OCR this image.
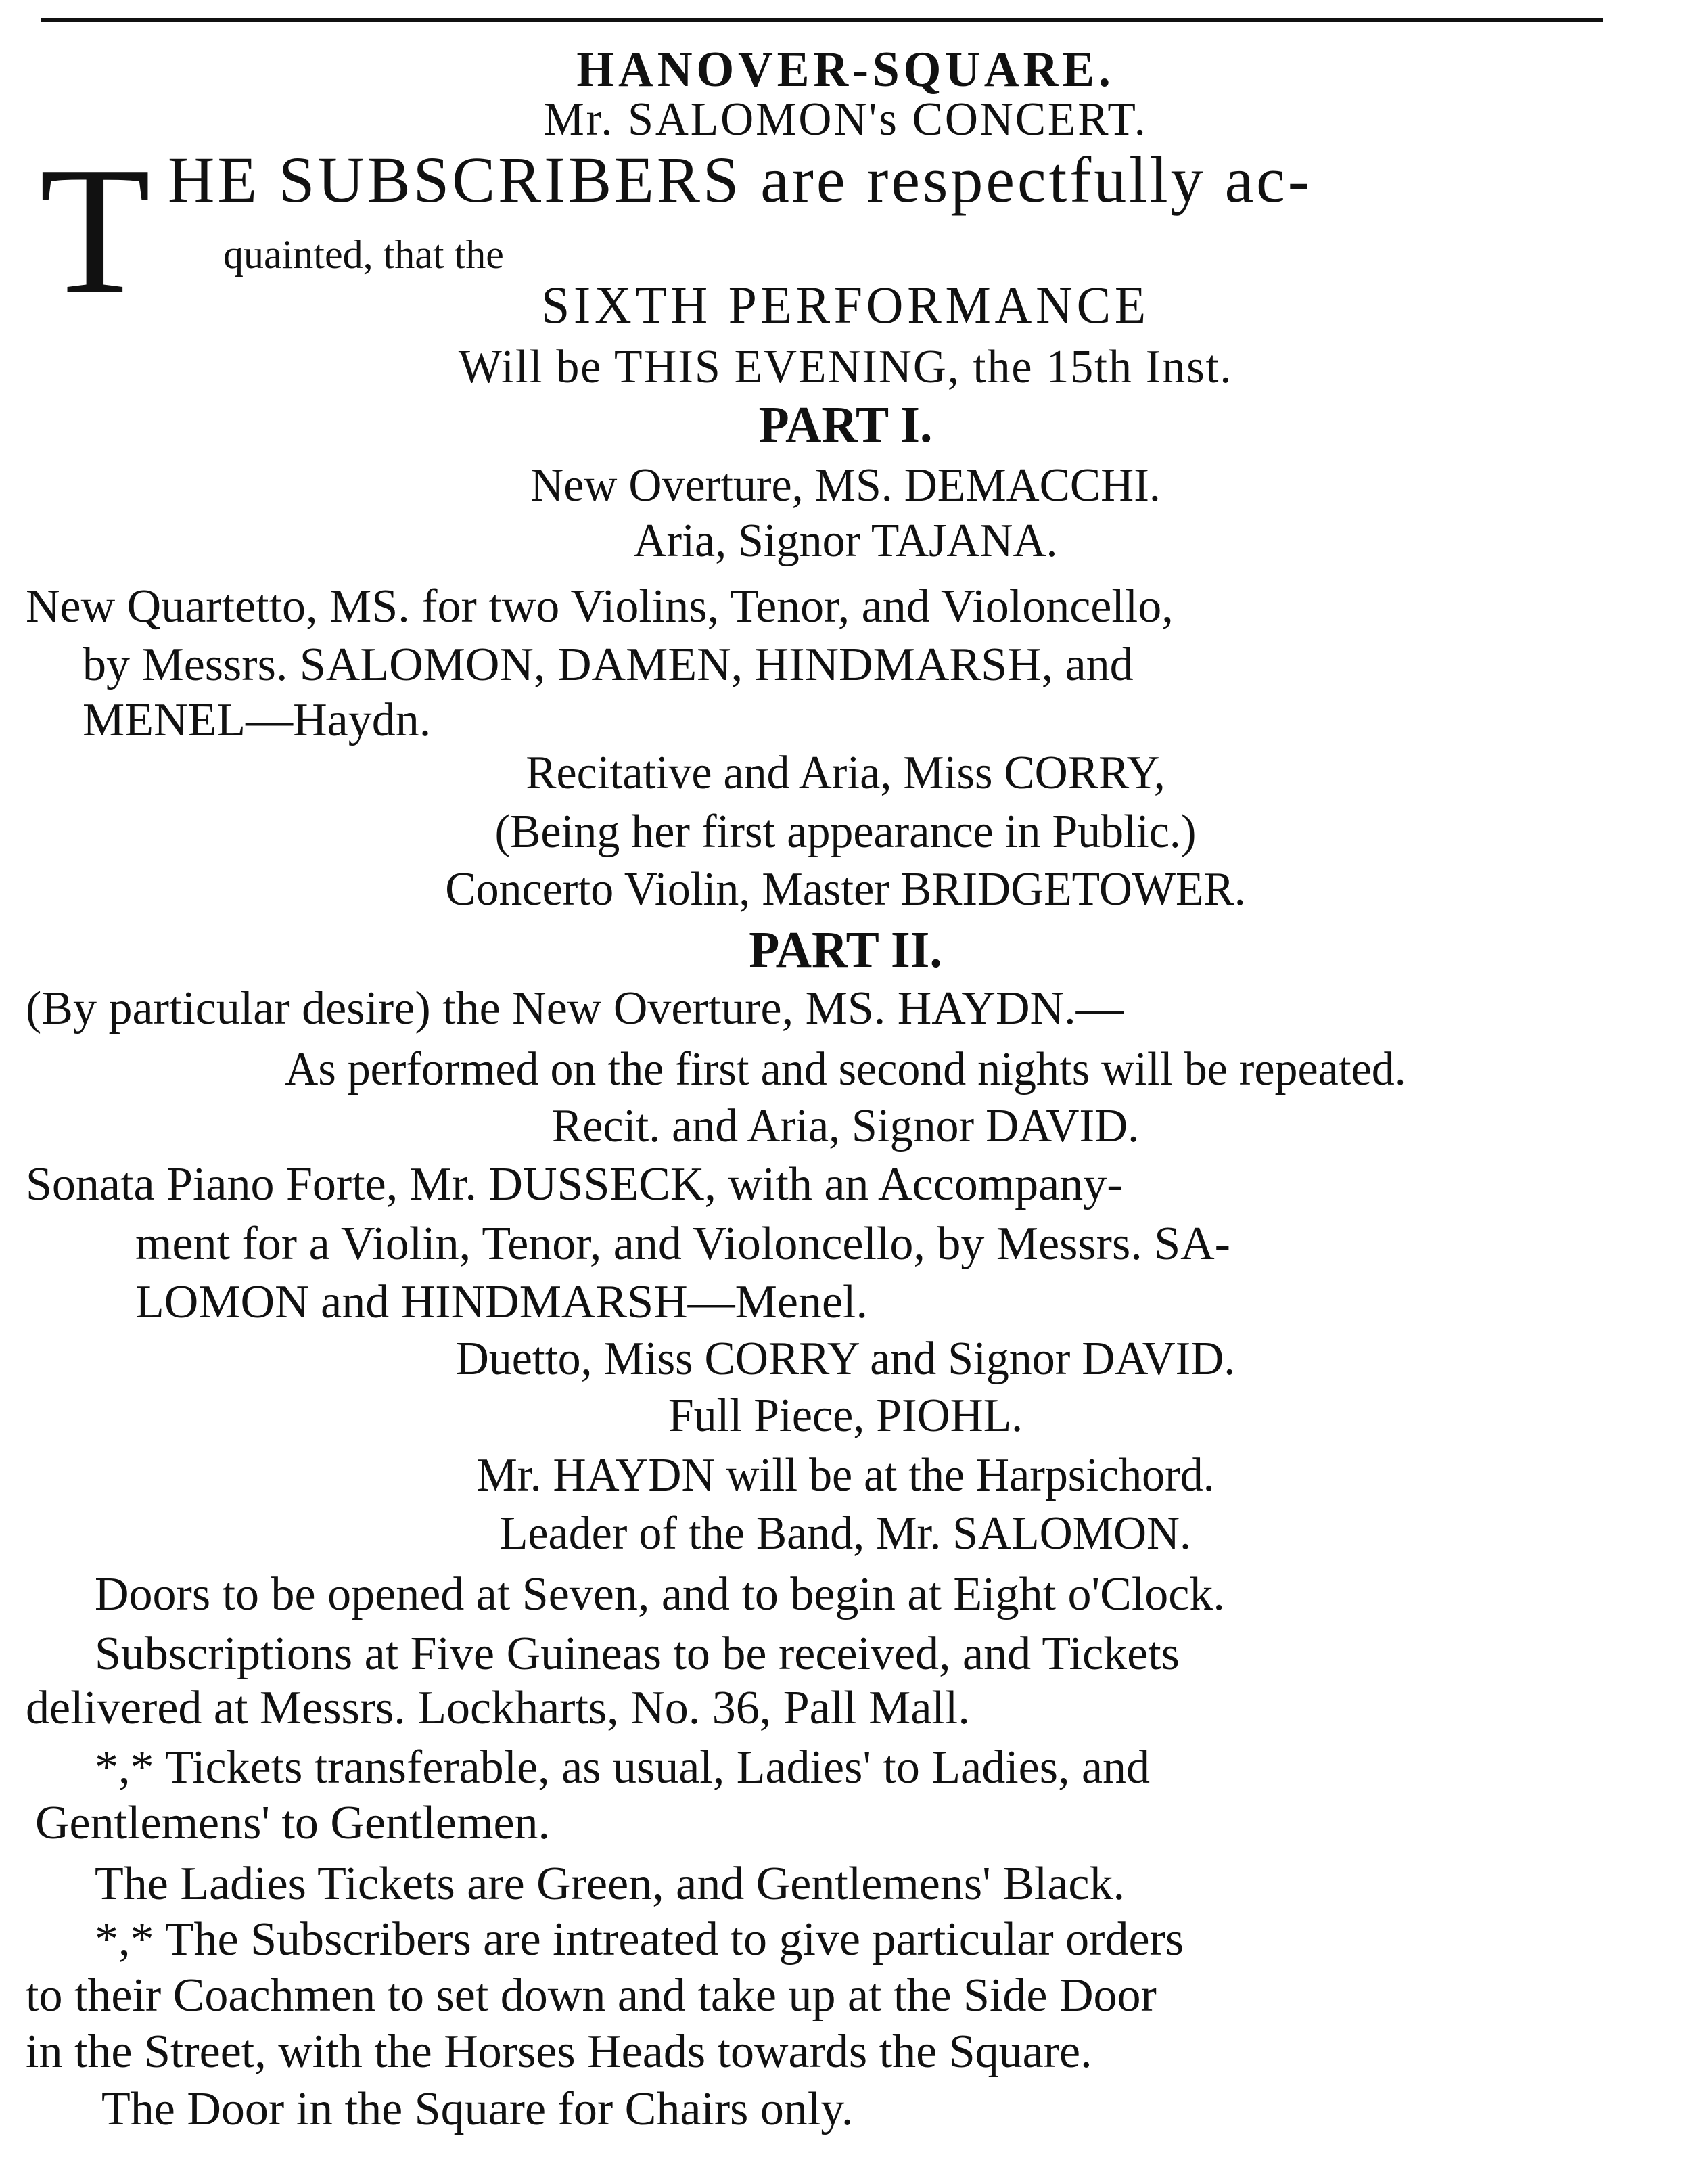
HANOVER-SQUARE.
Mr. SALOMON's CONCERT.
T HE SUBSCRIBERS are respectfully ac-
quainted, that the
SIXTH PERFORMANCE
Will be THIS EVENING, the 15th Inst.
PART I.
New Overture, MS. DEMACCHI.
Aria, Signor TAJANA.
New Quartetto, MS. for two Violins, Tenor, and Violoncello,
by Messrs. SALOMON, DAMEN, HINDMARSH, and
MENEL—Haydn.
Recitative and Aria, Miss CORRY,
(Being her first appearance in Public.)
Concerto Violin, Master BRIDGETOWER.
PART II.
(By particular desire) the New Overture, MS. HAYDN.—
As performed on the first and second nights will be repeated.
Recit. and Aria, Signor DAVID.
Sonata Piano Forte, Mr. DUSSECK, with an Accompany-
ment for a Violin, Tenor, and Violoncello, by Messrs. SA-
LOMON and HINDMARSH—Menel.
Duetto, Miss CORRY and Signor DAVID.
Full Piece, PIOHL.
Mr. HAYDN will be at the Harpsichord.
Leader of the Band, Mr. SALOMON.
Doors to be opened at Seven, and to begin at Eight o'Clock.
Subscriptions at Five Guineas to be received, and Tickets
delivered at Messrs. Lockharts, No. 36, Pall Mall.
*,* Tickets transferable, as usual, Ladies' to Ladies, and
Gentlemens' to Gentlemen.
The Ladies Tickets are Green, and Gentlemens' Black.
*,* The Subscribers are intreated to give particular orders
to their Coachmen to set down and take up at the Side Door
in the Street, with the Horses Heads towards the Square.
The Door in the Square for Chairs only.
